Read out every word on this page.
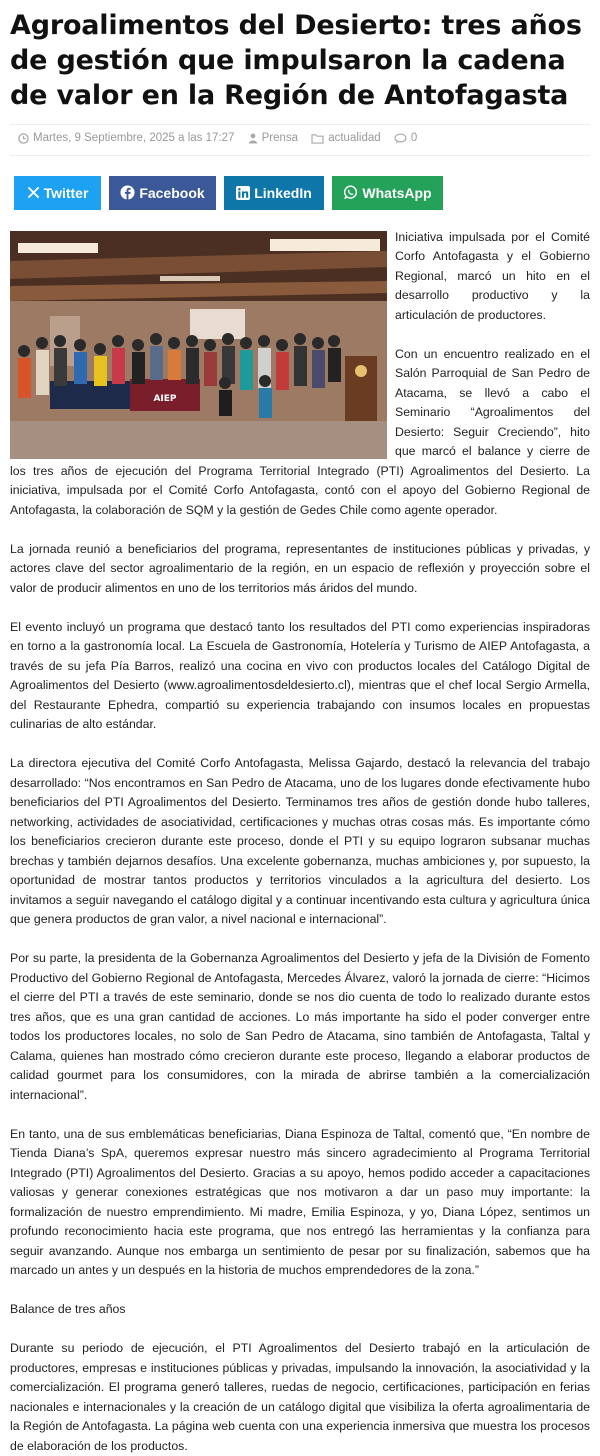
Agroalimentos del Desierto: tres años de gestión que impulsaron la cadena de valor en la Región de Antofagasta
Martes, 9 Septiembre, 2025 a las 17:27
Prensa
	actualidad
	0
Twitter	Facebook	LinkedIn	WhatsApp
AIEP

Iniciativa impulsada por el Comité Corfo Antofagasta y el Gobierno Regional, marcó un hito en el desarrollo productivo y la articulación de productores.

Con un encuentro realizado en el Salón Parroquial de San Pedro de Atacama, se llevó a cabo el Seminario “Agroalimentos del Desierto: Seguir Creciendo”, hito que marcó el balance y cierre de los tres años de ejecución del Programa Territorial Integrado (PTI) Agroalimentos del Desierto. La iniciativa, impulsada por el Comité Corfo Antofagasta, contó con el apoyo del Gobierno Regional de Antofagasta, la colaboración de SQM y la gestión de Gedes Chile como agente operador.

La jornada reunió a beneficiarios del programa, representantes de instituciones públicas y privadas, y actores clave del sector agroalimentario de la región, en un espacio de reflexión y proyección sobre el valor de producir alimentos en uno de los territorios más áridos del mundo.

El evento incluyó un programa que destacó tanto los resultados del PTI como experiencias inspiradoras en torno a la gastronomía local. La Escuela de Gastronomía, Hotelería y Turismo de AIEP Antofagasta, a través de su jefa Pía Barros, realizó una cocina en vivo con productos locales del Catálogo Digital de Agroalimentos del Desierto (www.agroalimentosdeldesierto.cl), mientras que el chef local Sergio Armella, del Restaurante Ephedra, compartió su experiencia trabajando con insumos locales en propuestas culinarias de alto estándar.

La directora ejecutiva del Comité Corfo Antofagasta, Melissa Gajardo, destacó la relevancia del trabajo desarrollado: “Nos encontramos en San Pedro de Atacama, uno de los lugares donde efectivamente hubo beneficiarios del PTI Agroalimentos del Desierto. Terminamos tres años de gestión donde hubo talleres, networking, actividades de asociatividad, certificaciones y muchas otras cosas más. Es importante cómo los beneficiarios crecieron durante este proceso, donde el PTI y su equipo lograron subsanar muchas brechas y también dejarnos desafíos. Una excelente gobernanza, muchas ambiciones y, por supuesto, la oportunidad de mostrar tantos productos y territorios vinculados a la agricultura del desierto. Los invitamos a seguir navegando el catálogo digital y a continuar incentivando esta cultura y agricultura única que genera productos de gran valor, a nivel nacional e internacional”.

Por su parte, la presidenta de la Gobernanza Agroalimentos del Desierto y jefa de la División de Fomento Productivo del Gobierno Regional de Antofagasta, Mercedes Álvarez, valoró la jornada de cierre: “Hicimos el cierre del PTI a través de este seminario, donde se nos dio cuenta de todo lo realizado durante estos tres años, que es una gran cantidad de acciones. Lo más importante ha sido el poder converger entre todos los productores locales, no solo de San Pedro de Atacama, sino también de Antofagasta, Taltal y Calama, quienes han mostrado cómo crecieron durante este proceso, llegando a elaborar productos de calidad gourmet para los consumidores, con la mirada de abrirse también a la comercialización internacional”.

En tanto, una de sus emblemáticas beneficiarias, Diana Espinoza de Taltal, comentó que, “En nombre de Tienda Diana’s SpA, queremos expresar nuestro más sincero agradecimiento al Programa Territorial Integrado (PTI) Agroalimentos del Desierto. Gracias a su apoyo, hemos podido acceder a capacitaciones valiosas y generar conexiones estratégicas que nos motivaron a dar un paso muy importante: la formalización de nuestro emprendimiento. Mi madre, Emilia Espinoza, y yo, Diana López, sentimos un profundo reconocimiento hacia este programa, que nos entregó las herramientas y la confianza para seguir avanzando. Aunque nos embarga un sentimiento de pesar por su finalización, sabemos que ha marcado un antes y un después en la historia de muchos emprendedores de la zona.”

Balance de tres años

Durante su periodo de ejecución, el PTI Agroalimentos del Desierto trabajó en la articulación de productores, empresas e instituciones públicas y privadas, impulsando la innovación, la asociatividad y la comercialización. El programa generó talleres, ruedas de negocio, certificaciones, participación en ferias nacionales e internacionales y la creación de un catálogo digital que visibiliza la oferta agroalimentaria de la Región de Antofagasta. La página web cuenta con una experiencia inmersiva que muestra los procesos de elaboración de los productos.
